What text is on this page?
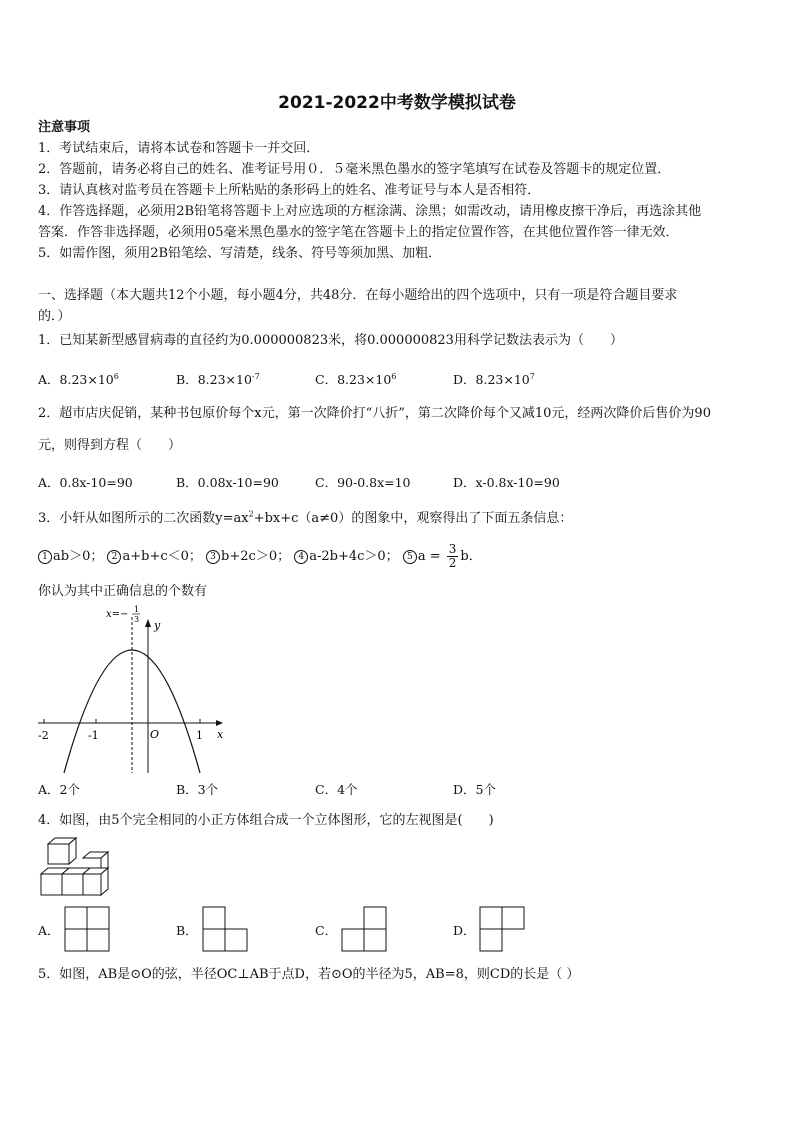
2021-2022中考数学模拟试卷
注意事项
1．考试结束后，请将本试卷和答题卡一并交回．
2．答题前，请务必将自己的姓名、准考证号用０．５毫米黑色墨水的签字笔填写在试卷及答题卡的规定位置．
3．请认真核对监考员在答题卡上所粘贴的条形码上的姓名、准考证号与本人是否相符．
4．作答选择题，必须用2B铅笔将答题卡上对应选项的方框涂满、涂黑；如需改动，请用橡皮擦干净后，再选涂其他
答案．作答非选择题，必须用05毫米黑色墨水的签字笔在答题卡上的指定位置作答，在其他位置作答一律无效．
5．如需作图，须用2B铅笔绘、写清楚，线条、符号等须加黑、加粗．
一、选择题（本大题共12个小题，每小题4分，共48分．在每小题给出的四个选项中，只有一项是符合题目要求
的．）
1．已知某新型感冒病毒的直径约为0.000000823米，将0.000000823用科学记数法表示为（　　）
A．$8.23\times 10^6$	B．$8.23\times 10^{-7}$	C．$8.23\times 10^6$	D．$8.23\times 10^7$
2．超市店庆促销，某种书包原价每个x元，第一次降价打“八折”，第二次降价每个又减10元，经两次降价后售价为90
元，则得到方程（　　）
A．0.8x-10=90	B．0.08x-10=90	C．90-0.8x=10	D．x-0.8x-10=90
3．小轩从如图所示的二次函数$y=ax^2+bx+c(a\ne 0)$的图象中，观察得出了下面五条信息：
1 ab＞0； 2 a+b+c＜0； 3 b+2c＞0； 4 a-2b+4c＞0； 5 $a = \frac{3}{2}$ b．
你认为其中正确信息的个数有
-2	-1	1
O	x
y
x=− 1
3
A．2个	B．3个	C．4个	D．5个
4．如图，由5个完全相同的小正方体组合成一个立体图形，它的左视图是(　　)
A．	B．	C．	D．
5．如图，AB是⊙O的弦，半径OC⊥AB于点D，若⊙O的半径为5，AB=8，则CD的长是（ ）
